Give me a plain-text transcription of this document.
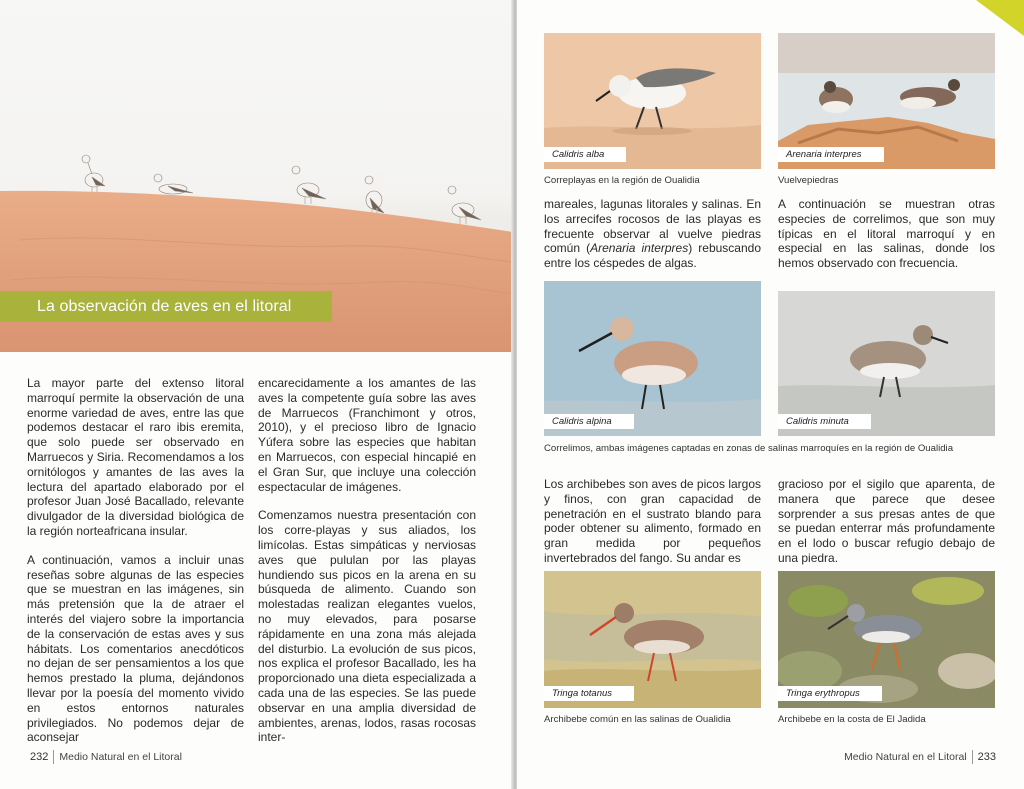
La observación de aves en el litoral

La mayor parte del extenso litoral marroquí permite la observación de una enorme variedad de aves, entre las que podemos destacar el raro ibis eremita, que solo puede ser observado en Marruecos y Siria. Recomendamos a los ornitólogos y amantes de las aves la lectura del apartado elaborado por el profesor Juan José Bacallado, relevante divulgador de la diversidad biológica de la región norteafricana insular.

A continuación, vamos a incluir unas reseñas sobre algunas de las especies que se muestran en las imágenes, sin más pretensión que la de atraer el interés del viajero sobre la importancia de la conservación de estas aves y sus hábitats. Los comentarios anecdóticos no dejan de ser pensamientos a los que hemos prestado la pluma, dejándonos llevar por la poesía del momento vivido en estos entornos naturales privilegiados. No podemos dejar de aconsejar

encarecidamente a los amantes de las aves la competente guía sobre las aves de Marruecos (Franchimont y otros, 2010), y el precioso libro de Ignacio Yúfera sobre las especies que habitan en Marruecos, con especial hincapié en el Gran Sur, que incluye una colección espectacular de imágenes.

Comenzamos nuestra presentación con los corre-playas y sus aliados, los limícolas. Estas simpáticas y nerviosas aves que pululan por las playas hundiendo sus picos en la arena en su búsqueda de alimento. Cuando son molestadas realizan elegantes vuelos, no muy elevados, para posarse rápidamente en una zona más alejada del disturbio. La evolución de sus picos, nos explica el profesor Bacallado, les ha proporcionado una dieta especializada a cada una de las especies. Se las puede observar en una amplia diversidad de ambientes, arenas, lodos, rasas rocosas inter-

232 Medio Natural en el Litoral
Calidris alba	Arenaria interpres
Correplayas en la región de Oualidia	Vuelvepiedras

mareales, lagunas litorales y salinas. En los arrecifes rocosos de las playas es frecuente observar al vuelve piedras común (Arenaria interpres) rebuscando entre los céspedes de algas.

A continuación se muestran otras especies de correlimos, que son muy típicas en el litoral marroquí y en especial en las salinas, donde los hemos observado con frecuencia.

Calidris alpina	Calidris minuta
Correlimos, ambas imágenes captadas en zonas de salinas marroquíes en la región de Oualidia

Los archibebes son aves de picos largos y finos, con gran capacidad de penetración en el sustrato blando para poder obtener su alimento, formado en gran medida por pequeños invertebrados del fango. Su andar es

gracioso por el sigilo que aparenta, de manera que parece que desee sorprender a sus presas antes de que se puedan enterrar más profundamente en el lodo o buscar refugio debajo de una piedra.

Tringa totanus	Tringa erythropus
Archibebe común en las salinas de Oualidia	Archibebe en la costa de El Jadida
Medio Natural en el Litoral 233
